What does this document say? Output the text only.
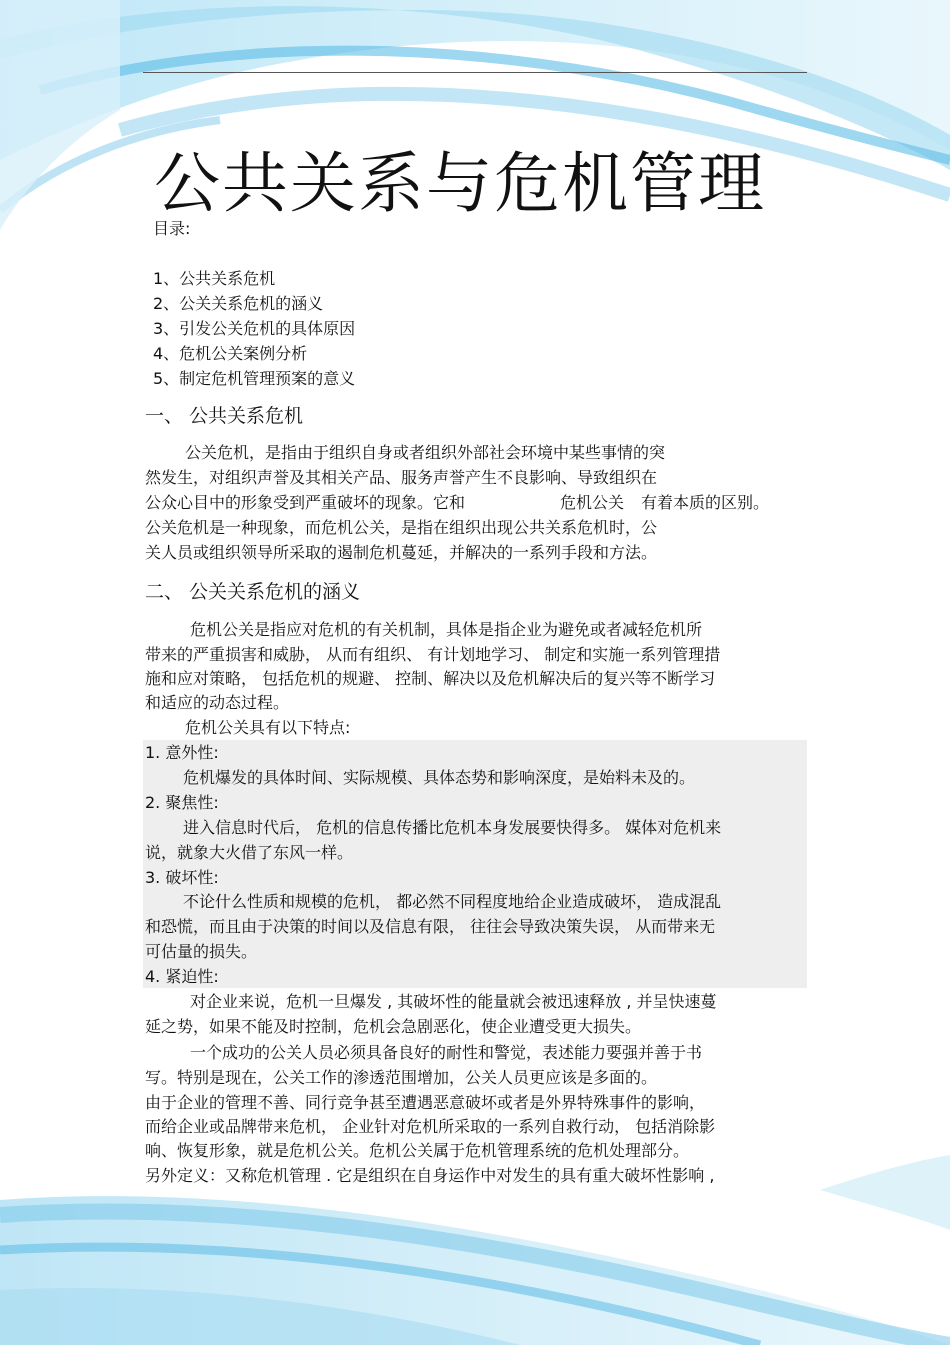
公共关系与危机管理
目录:
1、公共关系危机
2、公关关系危机的涵义
3、引发公关危机的具体原因
4、危机公关案例分析
5、制定危机管理预案的意义
一、 公共关系危机
公关危机，是指由于组织自身或者组织外部社会环境中某些事情的突
然发生，对组织声誉及其相关产品、服务声誉产生不良影响、导致组织在
公众心目中的形象受到严重破坏的现象。它和	危机公关 有着本质的区别。
公关危机是一种现象，而危机公关，是指在组织出现公共关系危机时，公
关人员或组织领导所采取的遏制危机蔓延，并解决的一系列手段和方法。
二、 公关关系危机的涵义
危机公关是指应对危机的有关机制，具体是指企业为避免或者减轻危机所
带来的严重损害和威胁， 从而有组织、 有计划地学习、 制定和实施一系列管理措
施和应对策略， 包括危机的规避、 控制、解决以及危机解决后的复兴等不断学习
和适应的动态过程。
危机公关具有以下特点:
1. 意外性:
危机爆发的具体时间、实际规模、具体态势和影响深度，是始料未及的。
2. 聚焦性:
进入信息时代后， 危机的信息传播比危机本身发展要快得多。 媒体对危机来
说，就象大火借了东风一样。
3. 破坏性:
不论什么性质和规模的危机， 都必然不同程度地给企业造成破坏， 造成混乱
和恐慌，而且由于决策的时间以及信息有限， 往往会导致决策失误， 从而带来无
可估量的损失。
4. 紧迫性:
对企业来说，危机一旦爆发 , 其破坏性的能量就会被迅速释放 , 并呈快速蔓
延之势，如果不能及时控制，危机会急剧恶化，使企业遭受更大损失。
一个成功的公关人员必须具备良好的耐性和警觉，表述能力要强并善于书
写。特别是现在，公关工作的渗透范围增加，公关人员更应该是多面的。
由于企业的管理不善、同行竞争甚至遭遇恶意破坏或者是外界特殊事件的影响，
而给企业或品牌带来危机， 企业针对危机所采取的一系列自救行动， 包括消除影
响、恢复形象，就是危机公关。危机公关属于危机管理系统的危机处理部分。
另外定义：又称危机管理 . 它是组织在自身运作中对发生的具有重大破坏性影响 ,
